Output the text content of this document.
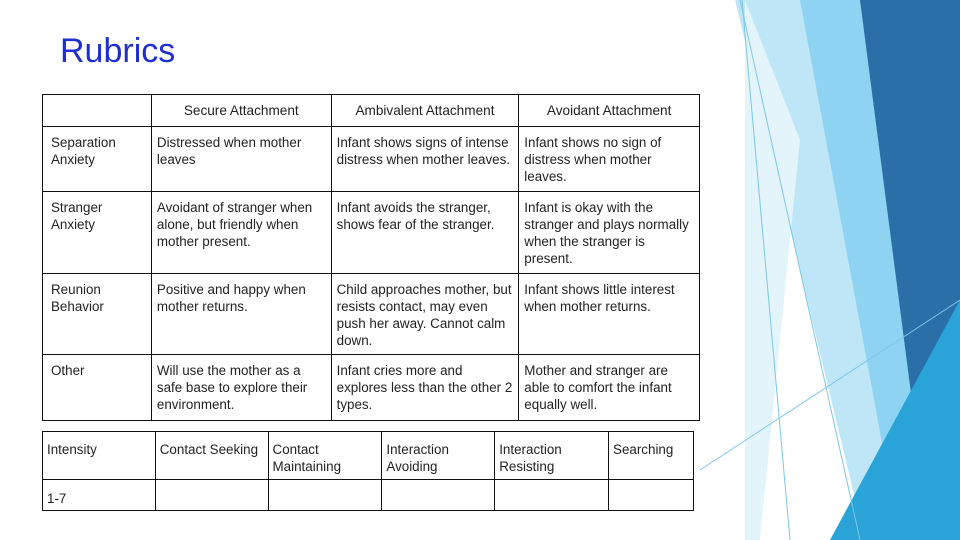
Rubrics

	Secure Attachment	Ambivalent Attachment	Avoidant Attachment

Separation Anxiety	Distressed when mother leaves	Infant shows signs of intense distress when mother leaves.	Infant shows no sign of distress when mother leaves.

Stranger Anxiety	Avoidant of stranger when alone, but friendly when mother present.	Infant avoids the stranger, shows fear of the stranger.	Infant is okay with the stranger and plays normally when the stranger is present.

Reunion Behavior	Positive and happy when mother returns.	Child approaches mother, but resists contact, may even push her away. Cannot calm down.	Infant shows little interest when mother returns.

Other	Will use the mother as a safe base to explore their environment.	Infant cries more and explores less than the other 2 types.	Mother and stranger are able to comfort the infant equally well.
Intensity	Contact Seeking	Contact Maintaining	Interaction Avoiding	Interaction Resisting	Searching

1-7					
